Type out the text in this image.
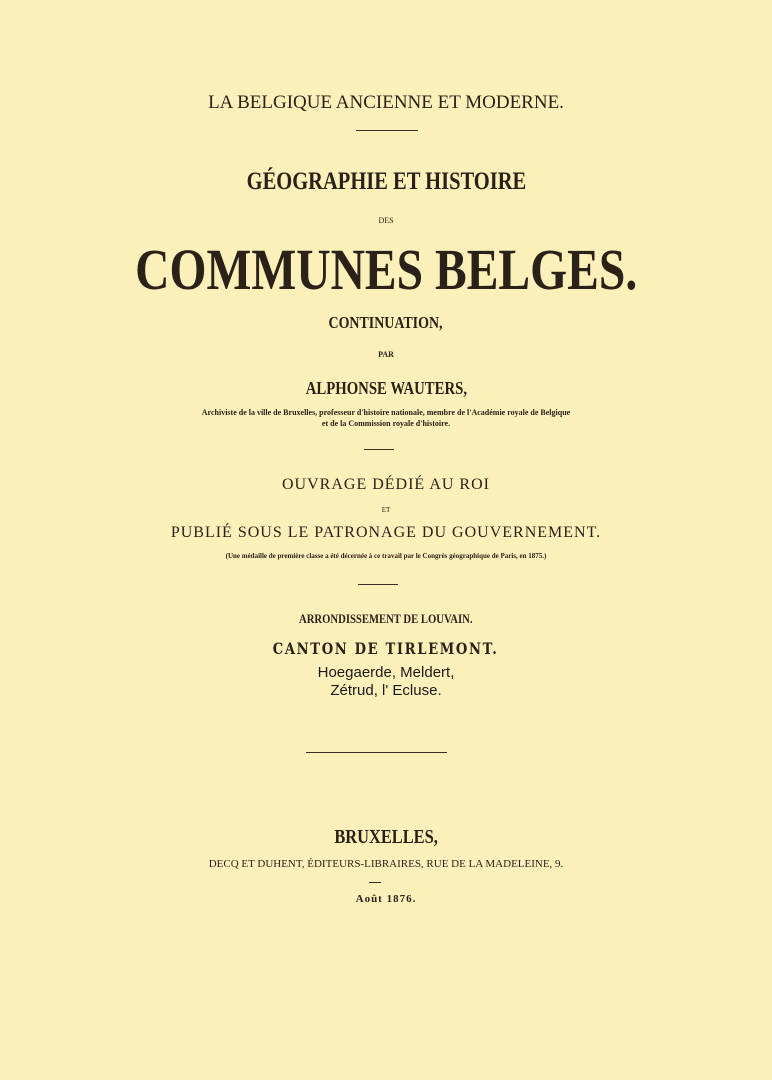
LA BELGIQUE ANCIENNE ET MODERNE.
GÉOGRAPHIE ET HISTOIRE
DES
COMMUNES BELGES.
CONTINUATION,
PAR
ALPHONSE WAUTERS,
Archiviste de la ville de Bruxelles, professeur d'histoire nationale, membre de l'Académie royale de Belgique
et de la Commission royale d'histoire.
OUVRAGE DÉDIÉ AU ROI
ET
PUBLIÉ SOUS LE PATRONAGE DU GOUVERNEMENT.
(Une médaille de première classe a été décernée à ce travail par le Congrès géographique de Paris, en 1875.)
ARRONDISSEMENT DE LOUVAIN.
CANTON DE TIRLEMONT.
Hoegaerde, Meldert,
Zétrud, l' Ecluse.
BRUXELLES,
DECQ ET DUHENT, ÉDITEURS-LIBRAIRES, RUE DE LA MADELEINE, 9.
Août 1876.
